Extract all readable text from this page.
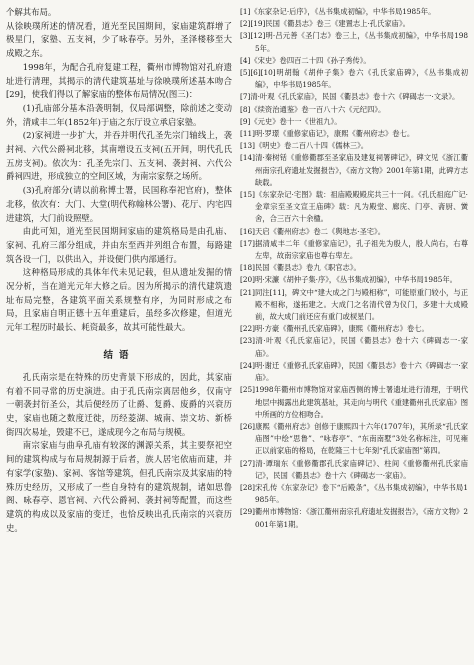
个解其布局。

从徐映璞所述的情况看，道光至民国期间，家庙建筑群增了极星门，家塾、五支祠，少了咏春亭。另外，圣泽楼移至大成殿之东。

1998年，为配合孔府复建工程，衢州市博物馆对孔府遗址进行清理，其揭示的清代建筑基址与徐映璞所述基本吻合[29]，使我们得以了解家庙的整体布局情况(图三)：

(1)孔庙部分基本沿袭明制，仅局部调整，除前述之变动外，清咸丰二年(1852年)于庙之东厅设立承启家塾。

(2)家祠进一步扩大，并吞并明代孔圣先宗门轴线上，袭封祠、六代公爵祠北移，其南增设五支祠(五开间，明代孔氏五房支祠)。依次为：孔圣先宗门、五支祠、袭封祠、六代公爵祠四进，形成独立的空间区域，为南宗家祭之场所。

(3)孔府部分(请以前称博士署，民国称奉祀官府)，整体北移，依次有：大门、大堂(明代称翰林公署)、花厅、内宅四进建筑，大门前设照壁。

由此可知，道光至民国期间家庙的建筑格局是由孔庙、家祠、孔府三部分组成，并由东至西并列组合布置，每路建筑各设一门，以供出入，并设便门供内部通行。

这种格局形成的具体年代未见记载，但从遗址发掘的情况分析，当在道光元年大修之后。因为所揭示的清代建筑遗址布局完整，各建筑平面关系规整有序，为同时形成之布局，且家庙自明正德十五年重建后，虽经多次修建，但道光元年工程历时最长、耗资最多，故其可能性最大。

结语

孔氏南宗是在特殊的历史背景下形成的，因此，其家庙有着不同寻常的历史演进。由于孔氏南宗离居他乡，仅南守一朝袭封衍圣公，其后便经历了让爵、复爵、废爵的兴衰历史，家庙也随之数度迁徙，历经菱湖、城南、崇文坊、新桥街四次易址，毁建不已，遂成现今之布局与规模。

南宗家庙与曲阜孔庙有较深的渊源关系，其主要祭祀空间的建筑构成与布局规制源于后者，族人居宅依庙而建，并有家学(家塾)、家祠、客馆等建筑，但孔氏南宗及其家庙的特殊历史经历，又形成了一些自身特有的建筑规制，诸如思鲁阁、咏春亭、恩官祠、六代公爵祠、袭封祠等配置，而这些建筑的构成以及家庙的变迁，也恰反映出孔氏南宗的兴衰历史。

[1]《东家杂记·后序》，《丛书集成初编》，中华书局1985年。

[2][19]民国《衢县志》卷三《建置志上·孔氏家庙》。

[3][12]明·吕元善《圣门志》卷三上，《丛书集成初编》，中华书局1985年。

[4]《宋史》卷四百二十四《孙子秀传》。

[5][6][10]明胡翰《胡仲子集》卷六《孔氏家庙碑》，《丛书集成初编》，中华书局1985年。

[7]清·叶观《孔氏家庙》，民国《衢县志》卷十六《碑碣志一·文录》。

[8]《续资治通鉴》卷一百八十六《元纪四》。

[9]《元史》卷十一《世祖九》。

[11]明·罗璟《重修家庙记》，康熙《衢州府志》卷七。

[13]《明史》卷二百八十四《儒林三》。

[14]清·秦树铦《重修衢郡至圣家庙及建复祠署碑记》，碑文见《浙江衢州南宗孔府遗址发掘报告》，《南方文物》2001年第1期，此碑方志缺载。

[15]《东家杂记·宅图》载：祖庙殿殿殿庑共三十一间。《孔氏祖庭广记·金章宗至圣文宣王庙碑》载：凡为殿堂、廊庑、门亭、斋厨、黉舍，合三百六十余楹。

[16]天启《衢州府志》卷二《舆地志·圣宅》。

[17]据清咸丰二年《重修家庙记》，孔子祖先为殷人，殷人尚右，右尊左卑，故南宗家庙也尊右卑左。

[18]民国《衢县志》卷九《职官志》。

[20]明·宋濂《胡仲子集·序》，《丛书集成初编》，中华书局1985年。

[21]同注[11]，碑文中“建大成之门与殿相称”，可能原重门较小，与正殿不相称，遂拓建之。大成门之名清代曾为仪门，多建十大成殿前，故大成门前还应有重门或棂星门。

[22]明·方豪《衢州孔氏家庙碑》，康熙《衢州府志》卷七。

[23]清·叶观《孔氏家庙记》，民国《衢县志》卷十六《碑碣志一·家庙》。

[24]明·谢迁《重修孔氏家庙碑》，民国《衢县志》卷十六《碑碣志一·家庙》。

[25]1998年衢州市博物馆对家庙西侧的博士署遗址进行清理，于明代地层中揭露出此建筑基址，其走向与明代《重建衢州孔氏家庙》图中所画的方位相吻合。

[26]康熙《衢州府志》创修于康熙四十六年(1707年)，其所录“孔氏家庙图”中绘“思鲁”、“咏春亭”、“东南南墅”3处名称标注，可见雍正以前家庙的格局，在乾隆三十七年刻“孔氏家庙图”第四。

[27]清·谭瑞东《重修衢郡孔氏家庙碑记》、柱间《重修衢州孔氏家庙记》，民国《衢县志》卷十六《碑碣志一·家庙》。

[28]宋孔传《东家杂记》卷下“后殿条”，《丛书集成初编》，中华书局1985年。

[29]衢州市博物馆：《浙江衢州南宗孔府遗址发掘报告》，《南方文物》2001年第1期。
